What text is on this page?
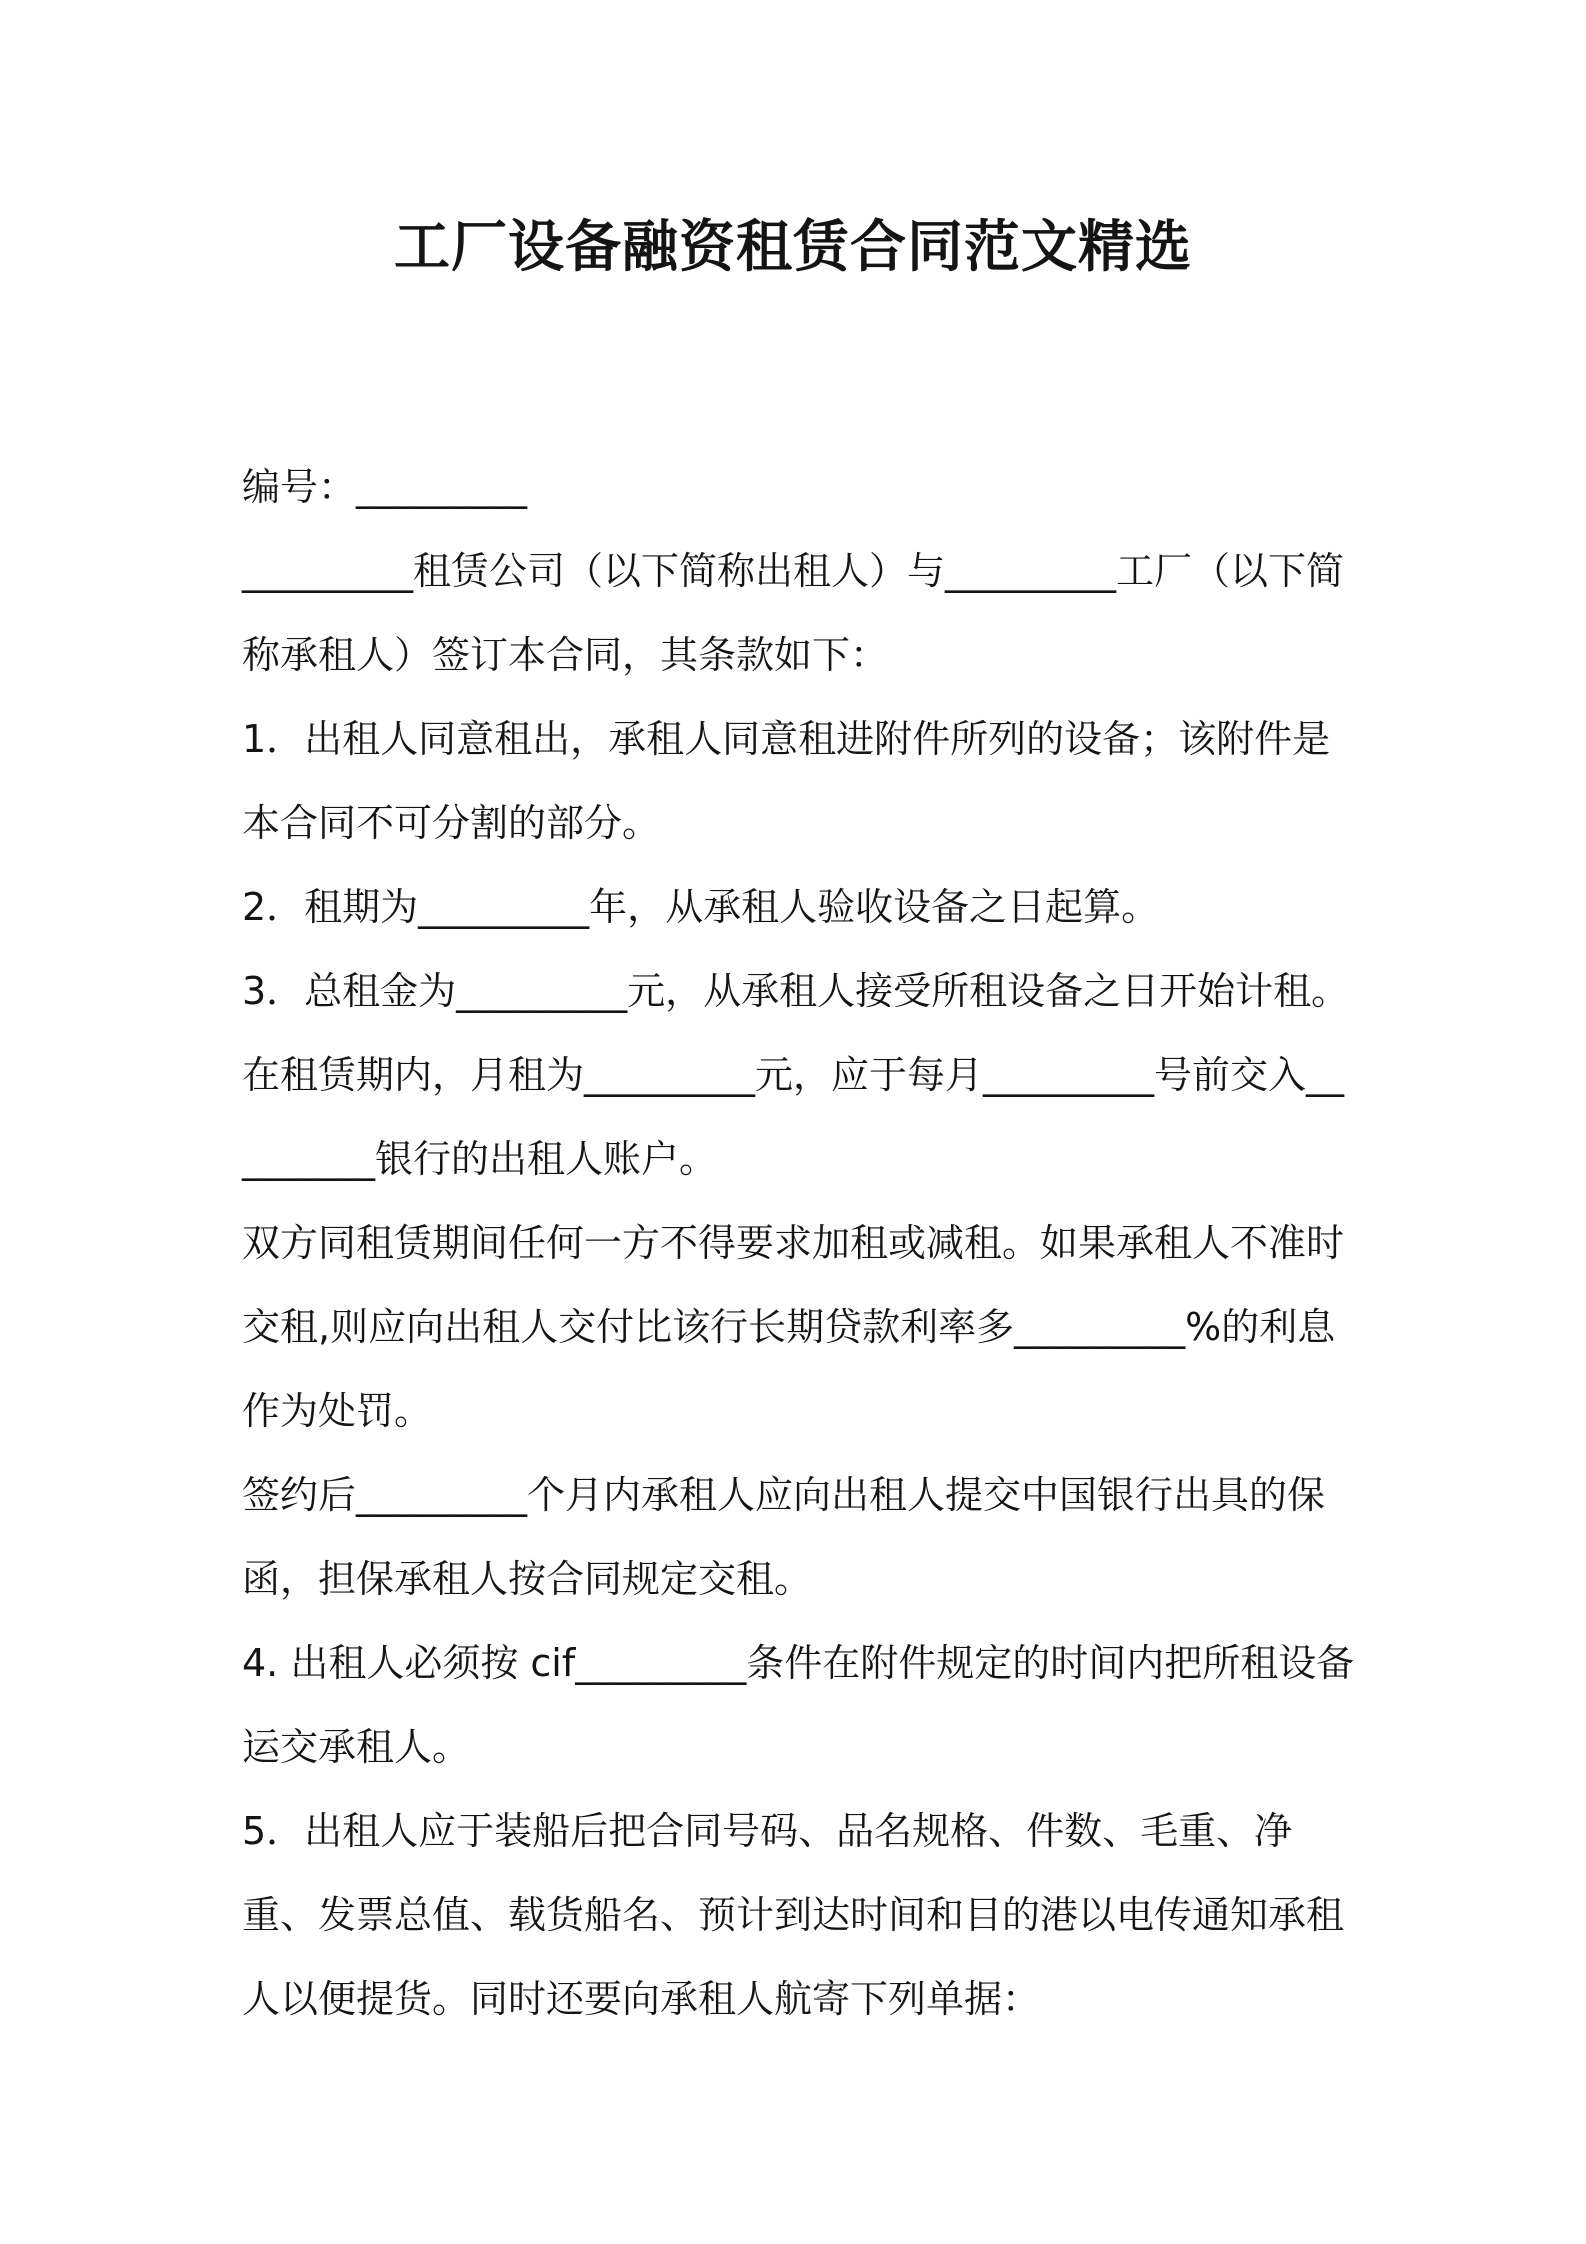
工厂设备融资租赁合同范文精选

编号：_________

_________租赁公司（以下简称出租人）与_________工厂（以下简称承租人）签订本合同，其条款如下：

1．出租人同意租出，承租人同意租进附件所列的设备；该附件是本合同不可分割的部分。

2．租期为_________年，从承租人验收设备之日起算。

3．总租金为_________元，从承租人接受所租设备之日开始计租。在租赁期内，月租为_________元，应于每月_________号前交入_________银行的出租人账户。

双方同租赁期间任何一方不得要求加租或减租。如果承租人不准时交租,则应向出租人交付比该行长期贷款利率多_________%的利息作为处罚。

签约后_________个月内承租人应向出租人提交中国银行出具的保函，担保承租人按合同规定交租。

4. 出租人必须按 cif_________条件在附件规定的时间内把所租设备运交承租人。

5．出租人应于装船后把合同号码、品名规格、件数、毛重、净重、发票总值、载货船名、预计到达时间和目的港以电传通知承租人以便提货。同时还要向承租人航寄下列单据：
